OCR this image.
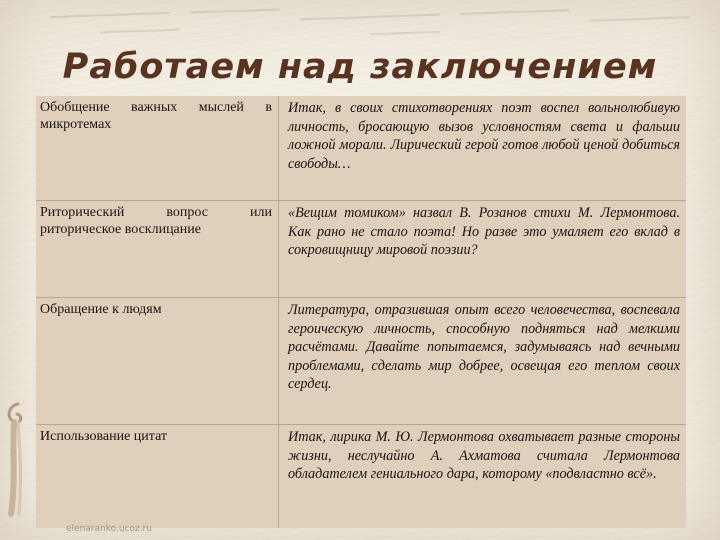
Работаем над заключением
Обобщение важных мыслей в микротемах
Итак, в своих стихотворениях поэт воспел вольнолюбивую личность, бросающую вызов условностям света и фальши ложной морали. Лирический герой готов любой ценой добиться свободы…
Риторический вопрос или риторическое восклицание
«Вещим томиком» назвал В. Розанов стихи М. Лермонтова. Как рано не стало поэта! Но разве это умаляет его вклад в сокровищницу мировой поэзии?
Обращение к людям	Литература, отразившая опыт всего человечества, воспевала героическую личность, способную подняться над мелкими расчётами. Давайте попытаемся, задумываясь над вечными проблемами, сделать мир добрее, освещая его теплом своих сердец.
Использование цитат	Итак, лирика М. Ю. Лермонтова охватывает разные стороны жизни, неслучайно А. Ахматова считала Лермонтова обладателем гениального дара, которому «подвластно всё».
elenaranko.ucoz.ru
